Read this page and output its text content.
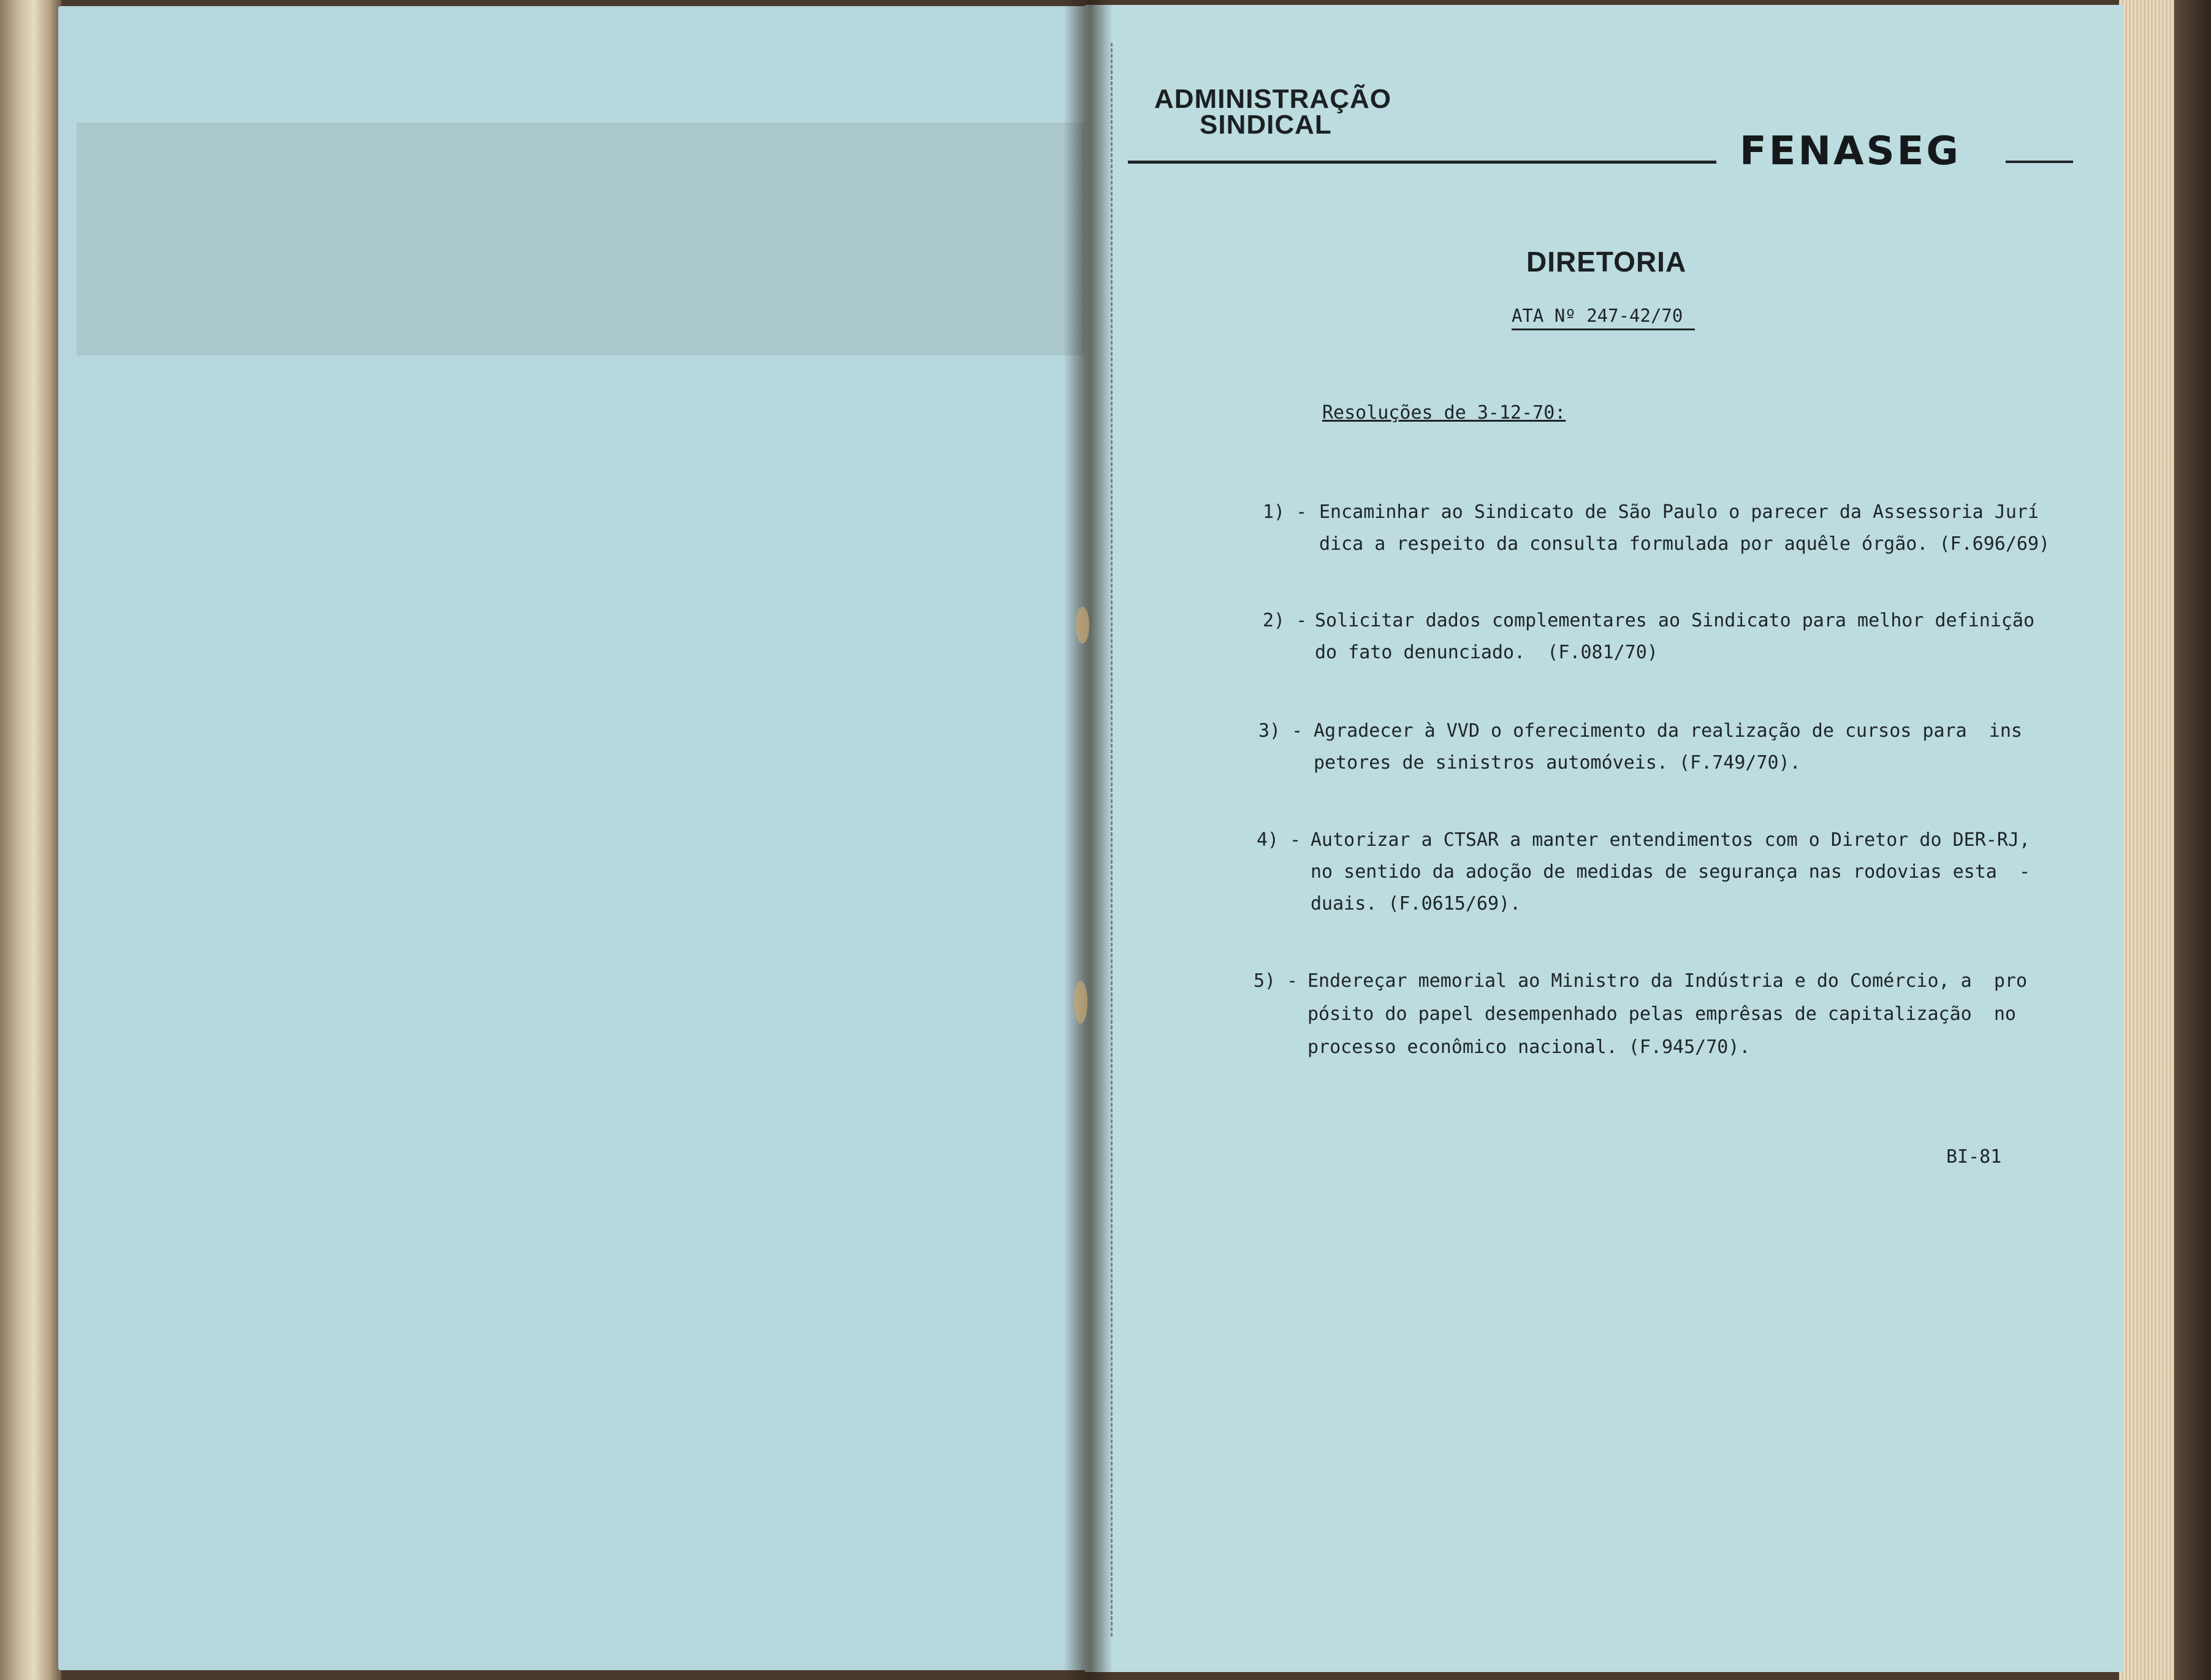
ADMINISTRAÇÃO
SINDICAL
FENASEG
DIRETORIA
ATA Nº 247-42/70
Resoluções de 3-12-70:
1) - Encaminhar ao Sindicato de São Paulo o parecer da Assessoria Jurí
dica a respeito da consulta formulada por aquêle órgão. (F.696/69)
2) - Solicitar dados complementares ao Sindicato para melhor definição
do fato denunciado.  (F.081/70)
3) - Agradecer à VVD o oferecimento da realização de cursos para  ins
petores de sinistros automóveis. (F.749/70).
4) - Autorizar a CTSAR a manter entendimentos com o Diretor do DER-RJ,
no sentido da adoção de medidas de segurança nas rodovias esta  -
duais. (F.0615/69).
5) - Endereçar memorial ao Ministro da Indústria e do Comércio, a  pro
pósito do papel desempenhado pelas emprêsas de capitalização  no
processo econômico nacional. (F.945/70).
BI-81
